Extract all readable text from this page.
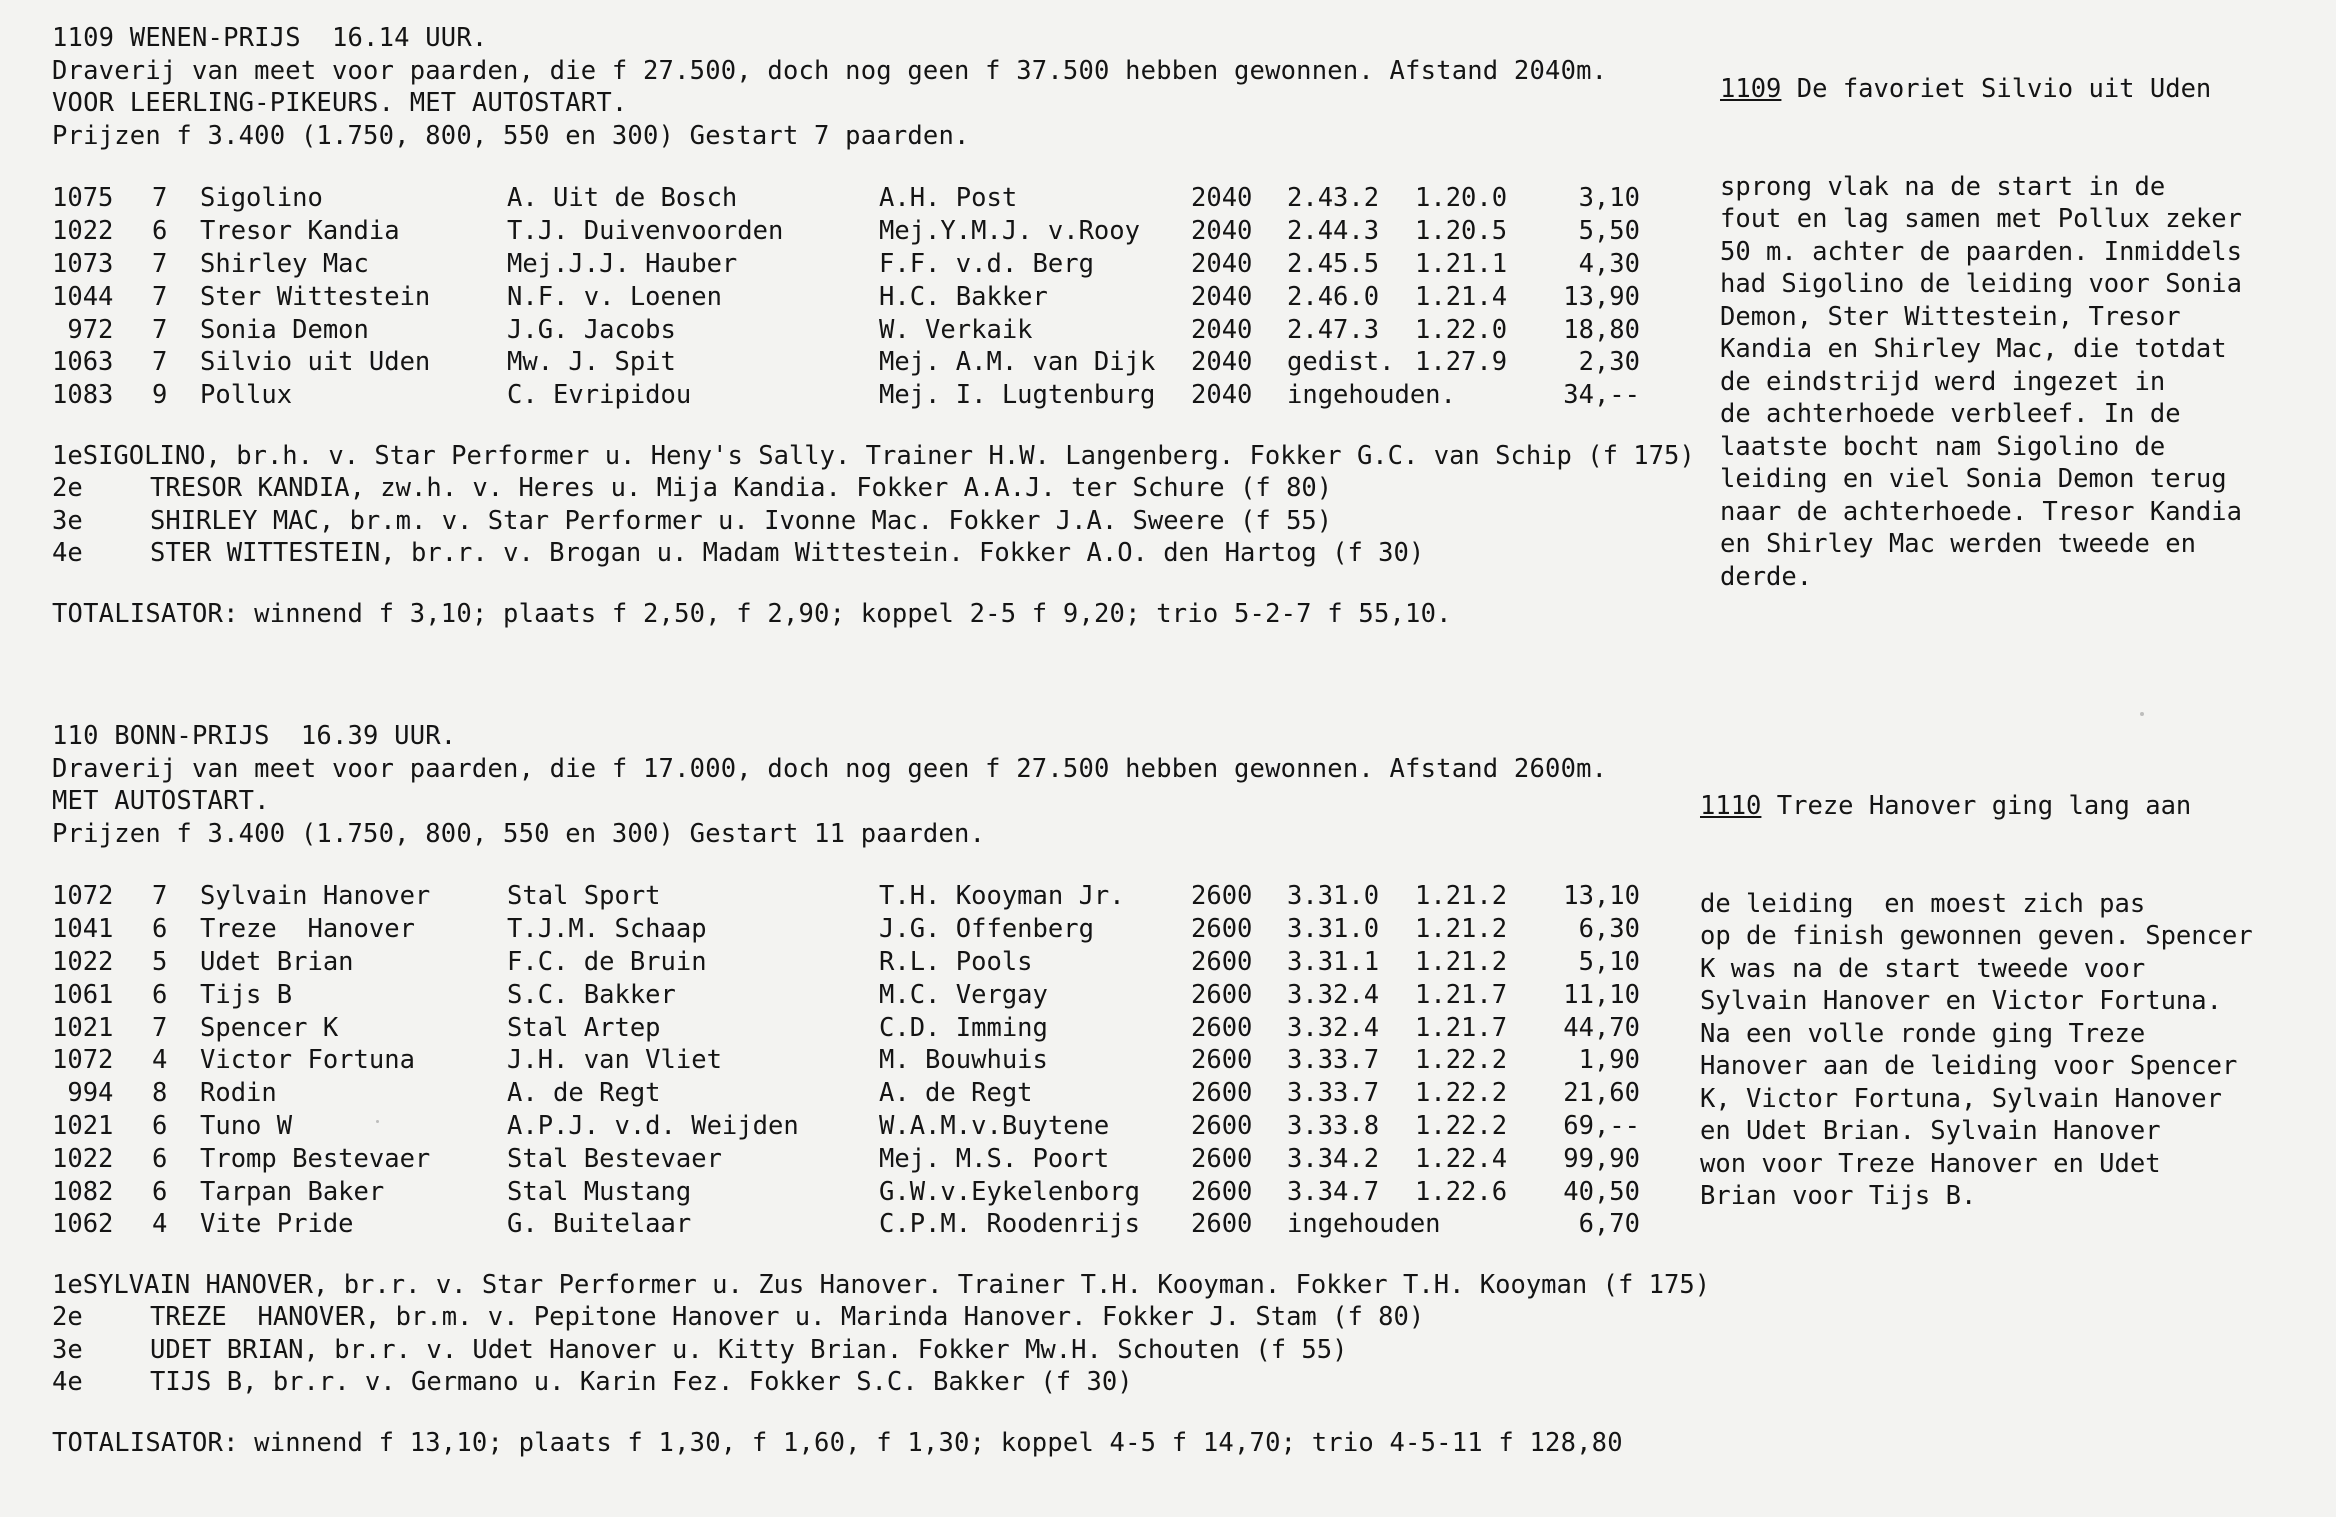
1109 WENEN-PRIJS  16.14 UUR.
Draverij van meet voor paarden, die f 27.500, doch nog geen f 37.500 hebben gewonnen. Afstand 2040m.
VOOR LEERLING-PIKEURS. MET AUTOSTART.
Prijzen f 3.400 (1.750, 800, 550 en 300) Gestart 7 paarden.
1075	7	Sigolino	A. Uit de Bosch	A.H. Post	2040	2.43.2	1.20.0	3,10
1022	6	Tresor Kandia	T.J. Duivenvoorden	Mej.Y.M.J. v.Rooy	2040	2.44.3	1.20.5	5,50
1073	7	Shirley Mac	Mej.J.J. Hauber	F.F. v.d. Berg	2040	2.45.5	1.21.1	4,30
1044	7	Ster Wittestein	N.F. v. Loenen	H.C. Bakker	2040	2.46.0	1.21.4	13,90
972	7	Sonia Demon	J.G. Jacobs	W. Verkaik	2040	2.47.3	1.22.0	18,80
1063	7	Silvio uit Uden	Mw. J. Spit	Mej. A.M. van Dijk	2040	gedist.	1.27.9	2,30
1083	9	Pollux	C. Evripidou	Mej. I. Lugtenburg	2040	ingehouden.		34,--
1e SIGOLINO, br.h. v. Star Performer u. Heny's Sally. Trainer H.W. Langenberg. Fokker G.C. van Schip (f 175)
2e	TRESOR KANDIA, zw.h. v. Heres u. Mija Kandia. Fokker A.A.J. ter Schure (f 80)
3e	SHIRLEY MAC, br.m. v. Star Performer u. Ivonne Mac. Fokker J.A. Sweere (f 55)
4e	STER WITTESTEIN, br.r. v. Brogan u. Madam Wittestein. Fokker A.O. den Hartog (f 30)
TOTALISATOR: winnend f 3,10; plaats f 2,50, f 2,90; koppel 2-5 f 9,20; trio 5-2-7 f 55,10.

1109 De favoriet Silvio uit Uden

sprong vlak na de start in de
fout en lag samen met Pollux zeker
50 m. achter de paarden. Inmiddels
had Sigolino de leiding voor Sonia
Demon, Ster Wittestein, Tresor
Kandia en Shirley Mac, die totdat
de eindstrijd werd ingezet in
de achterhoede verbleef. In de
laatste bocht nam Sigolino de
leiding en viel Sonia Demon terug
naar de achterhoede. Tresor Kandia
en Shirley Mac werden tweede en
derde.

110 BONN-PRIJS  16.39 UUR.
Draverij van meet voor paarden, die f 17.000, doch nog geen f 27.500 hebben gewonnen. Afstand 2600m.
MET AUTOSTART.
Prijzen f 3.400 (1.750, 800, 550 en 300) Gestart 11 paarden.
1072	7	Sylvain Hanover	Stal Sport	T.H. Kooyman Jr.	2600	3.31.0	1.21.2	13,10
1041	6	Treze  Hanover	T.J.M. Schaap	J.G. Offenberg	2600	3.31.0	1.21.2	6,30
1022	5	Udet Brian	F.C. de Bruin	R.L. Pools	2600	3.31.1	1.21.2	5,10
1061	6	Tijs B	S.C. Bakker	M.C. Vergay	2600	3.32.4	1.21.7	11,10
1021	7	Spencer K	Stal Artep	C.D. Imming	2600	3.32.4	1.21.7	44,70
1072	4	Victor Fortuna	J.H. van Vliet	M. Bouwhuis	2600	3.33.7	1.22.2	1,90
994	8	Rodin	A. de Regt	A. de Regt	2600	3.33.7	1.22.2	21,60
1021	6	Tuno W	A.P.J. v.d. Weijden	W.A.M.v.Buytene	2600	3.33.8	1.22.2	69,--
1022	6	Tromp Bestevaer	Stal Bestevaer	Mej. M.S. Poort	2600	3.34.2	1.22.4	99,90
1082	6	Tarpan Baker	Stal Mustang	G.W.v.Eykelenborg	2600	3.34.7	1.22.6	40,50
1062	4	Vite Pride	G. Buitelaar	C.P.M. Roodenrijs	2600	ingehouden		6,70
1e SYLVAIN HANOVER, br.r. v. Star Performer u. Zus Hanover. Trainer T.H. Kooyman. Fokker T.H. Kooyman (f 175)
2e	TREZE  HANOVER, br.m. v. Pepitone Hanover u. Marinda Hanover. Fokker J. Stam (f 80)
3e	UDET BRIAN, br.r. v. Udet Hanover u. Kitty Brian. Fokker Mw.H. Schouten (f 55)
4e	TIJS B, br.r. v. Germano u. Karin Fez. Fokker S.C. Bakker (f 30)
TOTALISATOR: winnend f 13,10; plaats f 1,30, f 1,60, f 1,30; koppel 4-5 f 14,70; trio 4-5-11 f 128,80

1110 Treze Hanover ging lang aan

de leiding  en moest zich pas
op de finish gewonnen geven. Spencer
K was na de start tweede voor
Sylvain Hanover en Victor Fortuna.
Na een volle ronde ging Treze
Hanover aan de leiding voor Spencer
K, Victor Fortuna, Sylvain Hanover
en Udet Brian. Sylvain Hanover
won voor Treze Hanover en Udet
Brian voor Tijs B.
